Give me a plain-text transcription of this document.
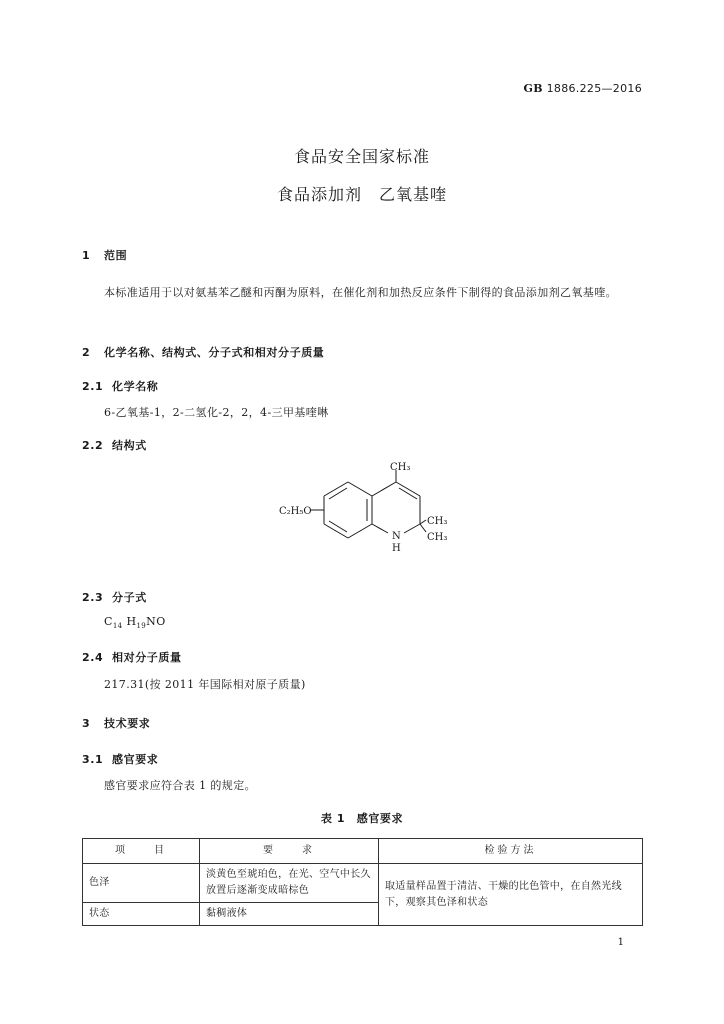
GB 1886.225—2016
食品安全国家标准
食品添加剂　乙氧基喹
1 范围
本标准适用于以对氨基苯乙醚和丙酮为原料，在催化剂和加热反应条件下制得的食品添加剂乙氧基喹。
2 化学名称、结构式、分子式和相对分子质量
2.1 化学名称
6-乙氧基-1，2-二氢化-2，2，4-三甲基喹啉
2.2 结构式
CH₃
C₂H₅O
CH₃
CH₃
N
H
2.3 分子式
$C_{14}$ $H_{19}NO$
2.4 相对分子质量
217.31(按 2011 年国际相对原子质量)
3 技术要求
3.1 感官要求
感官要求应符合表 1 的规定。
表 1　感官要求
项　　目	要　　求	检验方法
色泽	淡黄色至琥珀色，在光、空气中长久放置后逐渐变成暗棕色	取适量样品置于清洁、干燥的比色管中，在自然光线下，观察其色泽和状态
状态	黏稠液体	
1
